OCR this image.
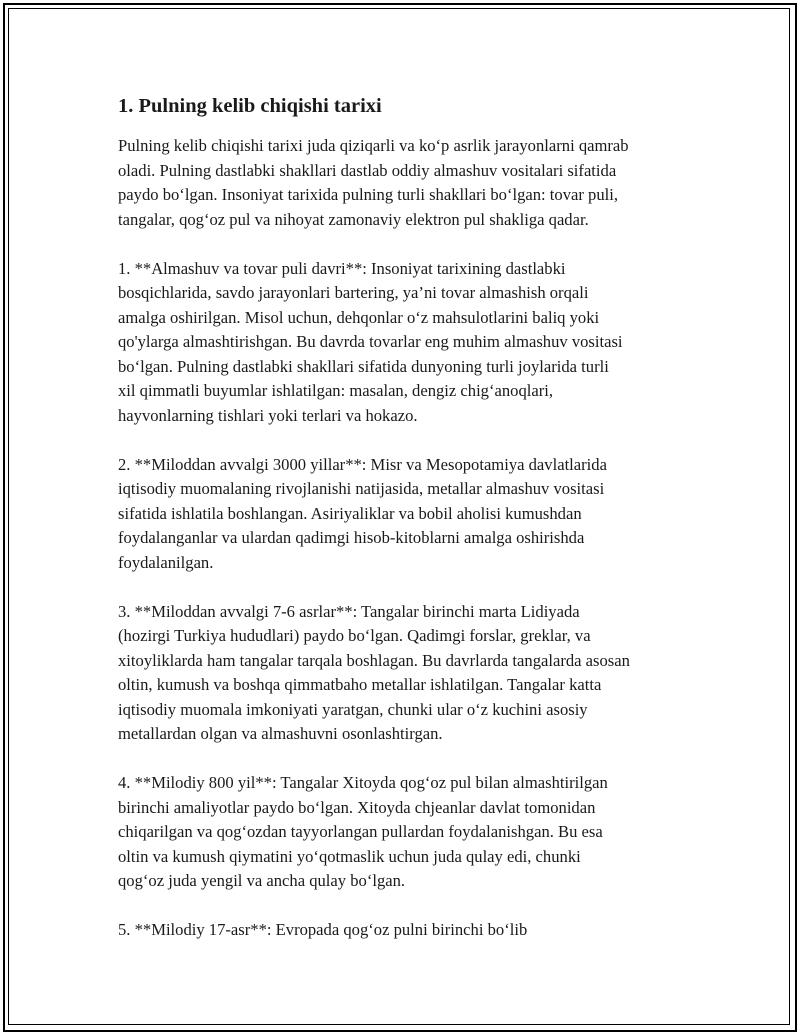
1. Pulning kelib chiqishi tarixi

Pulning kelib chiqishi tarixi juda qiziqarli va ko‘p asrlik jarayonlarni qamrab
oladi. Pulning dastlabki shakllari dastlab oddiy almashuv vositalari sifatida
paydo bo‘lgan. Insoniyat tarixida pulning turli shakllari bo‘lgan: tovar puli,
tangalar, qog‘oz pul va nihoyat zamonaviy elektron pul shakliga qadar.

1. **Almashuv va tovar puli davri**: Insoniyat tarixining dastlabki
bosqichlarida, savdo jarayonlari bartering, ya’ni tovar almashish orqali
amalga oshirilgan. Misol uchun, dehqonlar o‘z mahsulotlarini baliq yoki
qo'ylarga almashtirishgan. Bu davrda tovarlar eng muhim almashuv vositasi
bo‘lgan. Pulning dastlabki shakllari sifatida dunyoning turli joylarida turli
xil qimmatli buyumlar ishlatilgan: masalan, dengiz chig‘anoqlari,
hayvonlarning tishlari yoki terlari va hokazo.

2. **Miloddan avvalgi 3000 yillar**: Misr va Mesopotamiya davlatlarida
iqtisodiy muomalaning rivojlanishi natijasida, metallar almashuv vositasi
sifatida ishlatila boshlangan. Asiriyaliklar va bobil aholisi kumushdan
foydalanganlar va ulardan qadimgi hisob-kitoblarni amalga oshirishda
foydalanilgan.

3. **Miloddan avvalgi 7-6 asrlar**: Tangalar birinchi marta Lidiyada
(hozirgi Turkiya hududlari) paydo bo‘lgan. Qadimgi forslar, greklar, va
xitoyliklarda ham tangalar tarqala boshlagan. Bu davrlarda tangalarda asosan
oltin, kumush va boshqa qimmatbaho metallar ishlatilgan. Tangalar katta
iqtisodiy muomala imkoniyati yaratgan, chunki ular o‘z kuchini asosiy
metallardan olgan va almashuvni osonlashtirgan.

4. **Milodiy 800 yil**: Tangalar Xitoyda qog‘oz pul bilan almashtirilgan
birinchi amaliyotlar paydo bo‘lgan. Xitoyda chjeanlar davlat tomonidan
chiqarilgan va qog‘ozdan tayyorlangan pullardan foydalanishgan. Bu esa
oltin va kumush qiymatini yo‘qotmaslik uchun juda qulay edi, chunki
qog‘oz juda yengil va ancha qulay bo‘lgan.

5. **Milodiy 17-asr**: Evropada qog‘oz pulni birinchi bo‘lib
